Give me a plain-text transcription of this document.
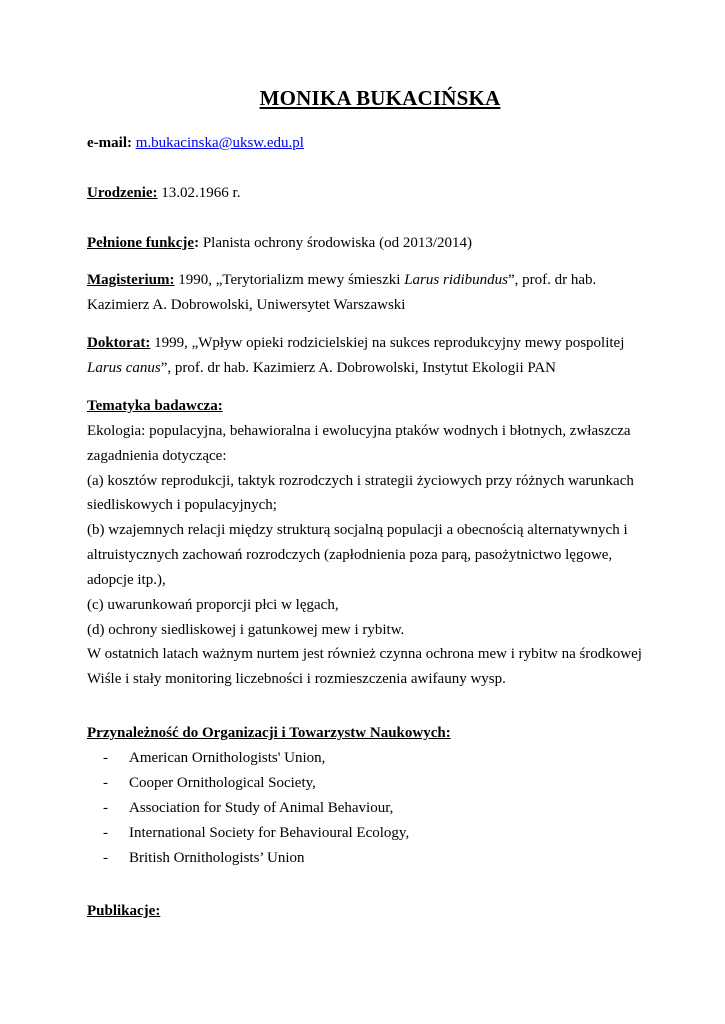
MONIKA BUKACIŃSKA
e-mail: m.bukacinska@uksw.edu.pl
Urodzenie: 13.02.1966 r.
Pełnione funkcje: Planista ochrony środowiska (od 2013/2014)
Magisterium: 1990, „Terytorializm mewy śmieszki Larus ridibundus”, prof. dr hab.
Kazimierz A. Dobrowolski, Uniwersytet Warszawski
Doktorat: 1999, „Wpływ opieki rodzicielskiej na sukces reprodukcyjny mewy pospolitej
Larus canus”, prof. dr hab. Kazimierz A. Dobrowolski, Instytut Ekologii PAN
Tematyka badawcza:
Ekologia: populacyjna, behawioralna i ewolucyjna ptaków wodnych i błotnych, zwłaszcza
zagadnienia dotyczące:
(a) kosztów reprodukcji, taktyk rozrodczych i strategii życiowych przy różnych warunkach
siedliskowych i populacyjnych;
(b) wzajemnych relacji między strukturą socjalną populacji a obecnością alternatywnych i
altruistycznych zachowań rozrodczych (zapłodnienia poza parą, pasożytnictwo lęgowe,
adopcje itp.),
(c) uwarunkowań proporcji płci w lęgach,
(d) ochrony siedliskowej i gatunkowej mew i rybitw.
W ostatnich latach ważnym nurtem jest również czynna ochrona mew i rybitw na środkowej
Wiśle i stały monitoring liczebności i rozmieszczenia awifauny wysp.
Przynależność do Organizacji i Towarzystw Naukowych:
- American Ornithologists' Union,
- Cooper Ornithological Society,
- Association for Study of Animal Behaviour,
- International Society for Behavioural Ecology,
- British Ornithologists’ Union
Publikacje:
